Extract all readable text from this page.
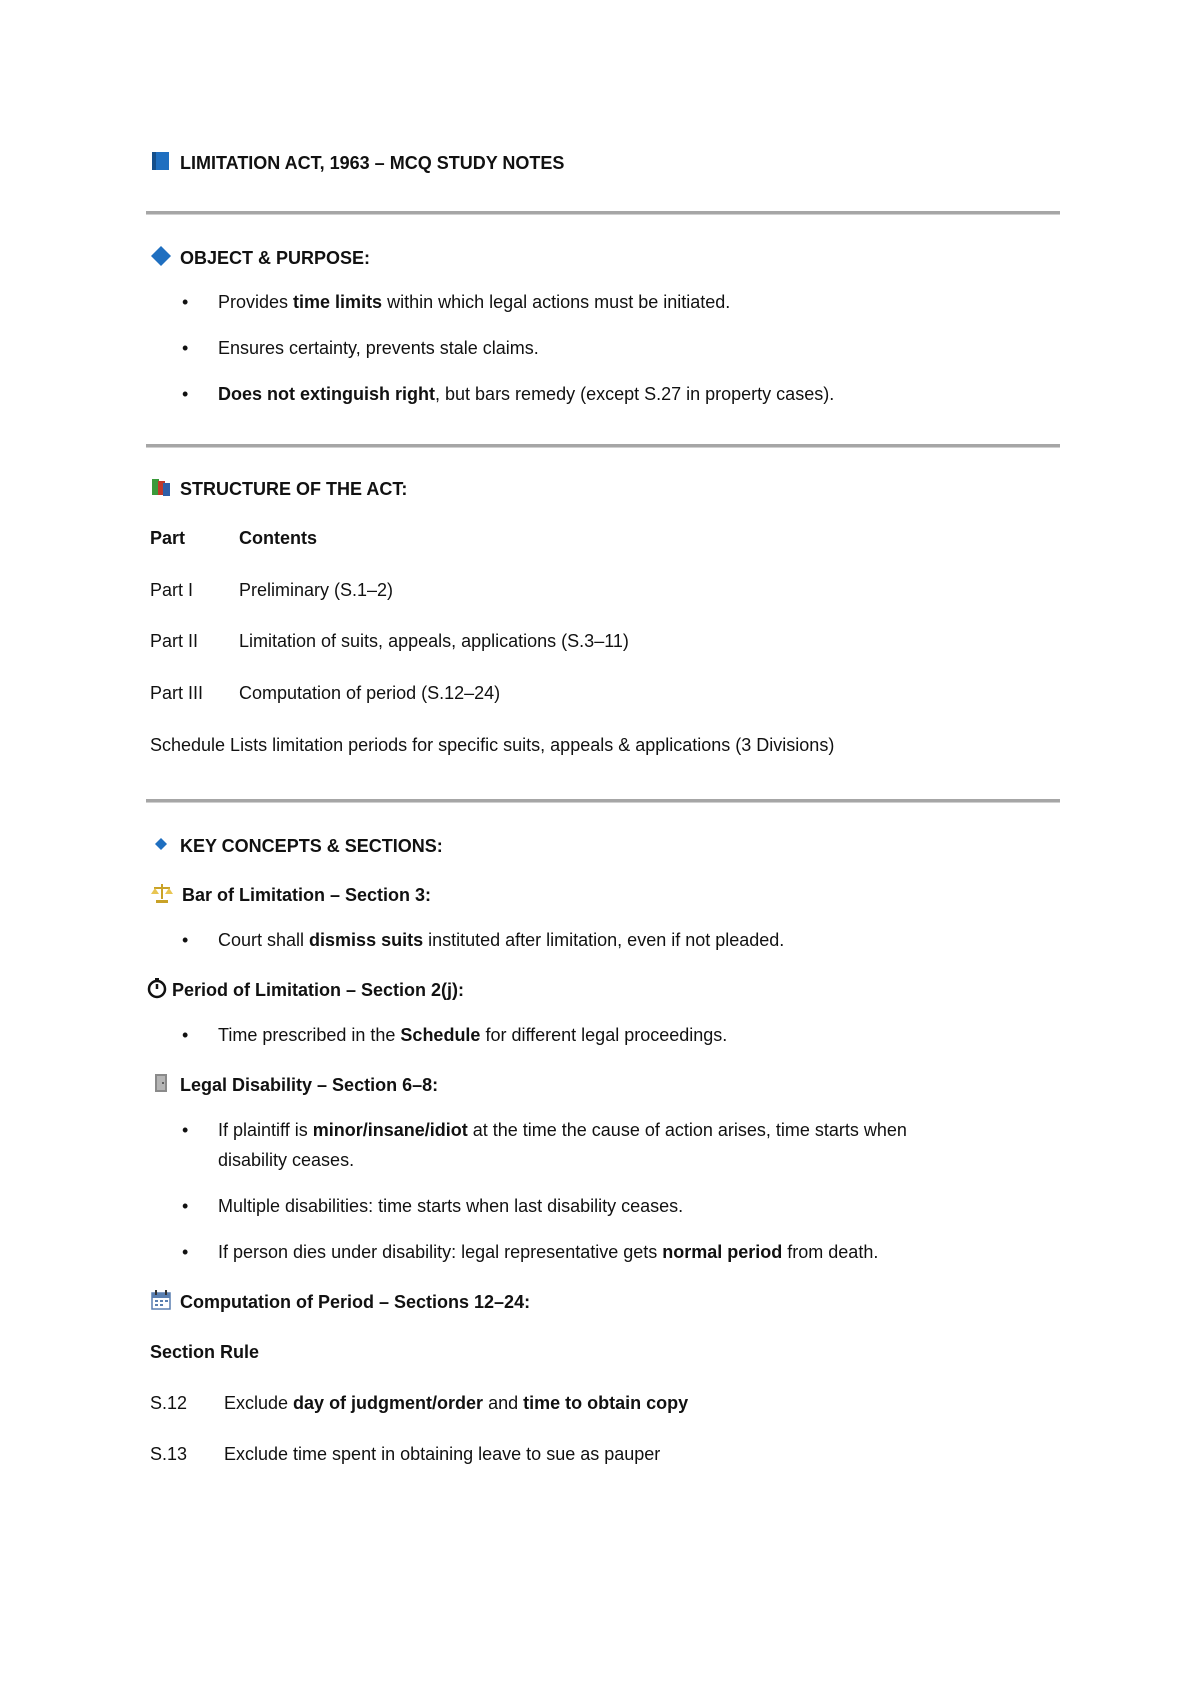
LIMITATION ACT, 1963 – MCQ STUDY NOTES
OBJECT & PURPOSE:
• Provides time limits within which legal actions must be initiated.
• Ensures certainty, prevents stale claims.
• Does not extinguish right, but bars remedy (except S.27 in property cases).
STRUCTURE OF THE ACT:
Part	Contents
Part I	Preliminary (S.1–2)
Part II Limitation of suits, appeals, applications (S.3–11)
Part III Computation of period (S.12–24)
Schedule Lists limitation periods for specific suits, appeals & applications (3 Divisions)
KEY CONCEPTS & SECTIONS:
Bar of Limitation – Section 3:
• Court shall dismiss suits instituted after limitation, even if not pleaded.
Period of Limitation – Section 2(j):
• Time prescribed in the Schedule for different legal proceedings.
Legal Disability – Section 6–8:
• If plaintiff is minor/insane/idiot at the time the cause of action arises, time starts when
disability ceases.
• Multiple disabilities: time starts when last disability ceases.
• If person dies under disability: legal representative gets normal period from death.
Computation of Period – Sections 12–24:
Section Rule
S.12 Exclude day of judgment/order and time to obtain copy
S.13 Exclude time spent in obtaining leave to sue as pauper
